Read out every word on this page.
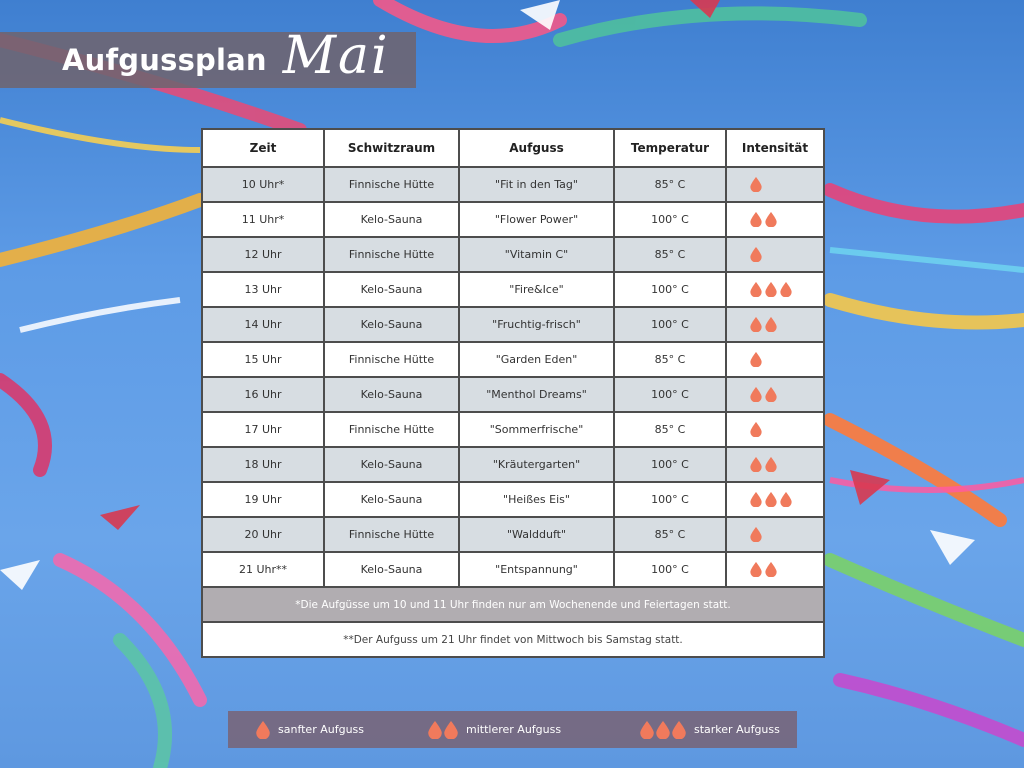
Aufgussplan Mai
Zeit	Schwitzraum	Aufguss	Temperatur	Intensität
10 Uhr*	Finnische Hütte	"Fit in den Tag"	85° C	

11 Uhr*	Kelo-Sauna	"Flower Power"	100° C	

12 Uhr	Finnische Hütte	"Vitamin C"	85° C	

13 Uhr	Kelo-Sauna	"Fire&Ice"	100° C	

14 Uhr	Kelo-Sauna	"Fruchtig-frisch"	100° C	

15 Uhr	Finnische Hütte	"Garden Eden"	85° C	

16 Uhr	Kelo-Sauna	"Menthol Dreams"	100° C	

17 Uhr	Finnische Hütte	"Sommerfrische"	85° C	

18 Uhr	Kelo-Sauna	"Kräutergarten"	100° C	

19 Uhr	Kelo-Sauna	"Heißes Eis"	100° C	

20 Uhr	Finnische Hütte	"Waldduft"	85° C	

21 Uhr**	Kelo-Sauna	"Entspannung"	100° C	

*Die Aufgüsse um 10 und 11 Uhr finden nur am Wochenende und Feiertagen statt.				
**Der Aufguss um 21 Uhr findet von Mittwoch bis Samstag statt.				
sanfter Aufguss	mittlerer Aufguss	starker Aufguss
